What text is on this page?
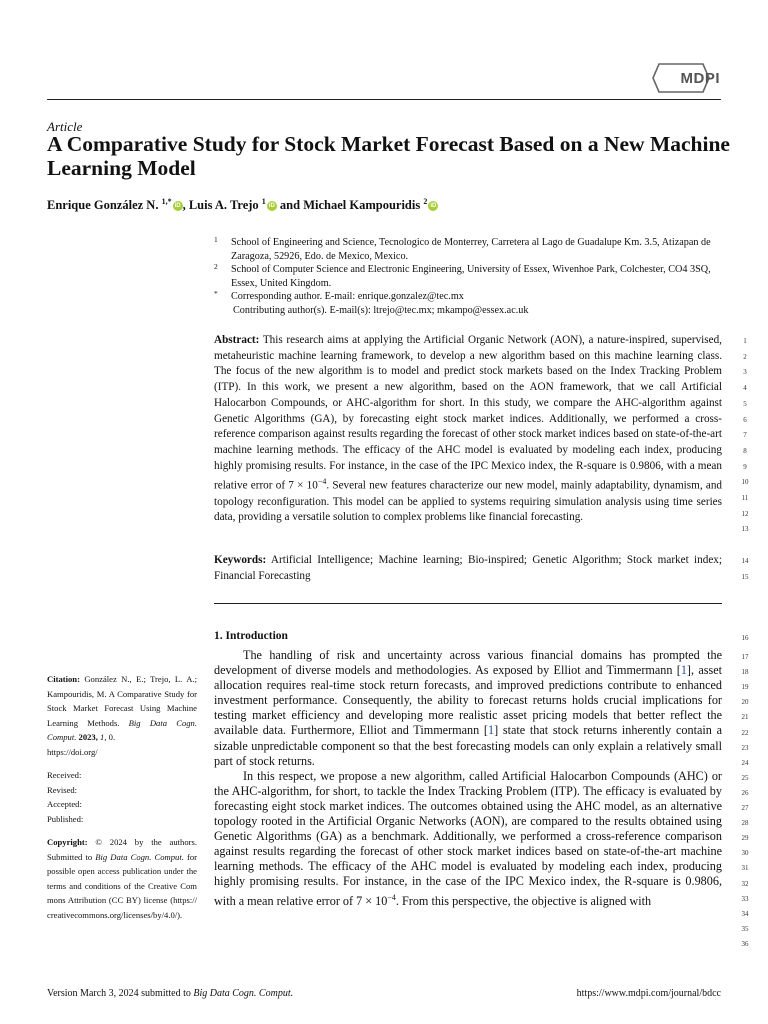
MDPI
Article
A Comparative Study for Stock Market Forecast Based on a New Machine Learning Model
Enrique González N. $^{1,*}$iD , Luis A. Trejo $^1$iD and Michael Kampouridis $^2$iD
1 School of Engineering and Science, Tecnologico de Monterrey, Carretera al Lago de Guadalupe Km. 3.5, Atizapan de Zaragoza, 52926, Edo. de Mexico, Mexico.
2 School of Computer Science and Electronic Engineering, University of Essex, Wivenhoe Park, Colchester, CO4 3SQ, Essex, United Kingdom.
* Corresponding author. E-mail: enrique.gonzalez@tec.mx
Contributing author(s). E-mail(s): ltrejo@tec.mx; mkampo@essex.ac.uk
Abstract: This research aims at applying the Artificial Organic Network (AON), a nature-inspired, supervised, metaheuristic machine learning framework, to develop a new algorithm based on this machine learning class. The focus of the new algorithm is to model and predict stock markets based on the Index Tracking Problem (ITP). In this work, we present a new algorithm, based on the AON framework, that we call Artificial Halocarbon Compounds, or AHC-algorithm for short. In this study, we compare the AHC-algorithm against Genetic Algorithms (GA), by forecasting eight stock market indices. Additionally, we performed a cross-reference comparison against results regarding the forecast of other stock market indices based on state-of-the-art machine learning methods. The efficacy of the AHC model is evaluated by modeling each index, producing highly promising results. For instance, in the case of the IPC Mexico index, the R-square is 0.9806, with a mean relative error of $7 \times 10^{-4}$. Several new features characterize our new model, mainly adaptability, dynamism, and topology reconfiguration. This model can be applied to systems requiring simulation analysis using time series data, providing a versatile solution to complex problems like financial forecasting.
Keywords: Artificial Intelligence; Machine learning; Bio-inspired; Genetic Algorithm; Stock market index; Financial Forecasting
1. Introduction

The handling of risk and uncertainty across various financial domains has prompted the development of diverse models and methodologies. As exposed by Elliot and Timmermann [1], asset allocation requires real-time stock return forecasts, and improved predictions contribute to enhanced investment performance. Consequently, the ability to forecast returns holds crucial implications for testing market efficiency and developing more realistic asset pricing models that better reflect the available data. Furthermore, Elliot and Timmermann [1] state that stock returns inherently contain a sizable unpredictable component so that the best forecasting models can only explain a relatively small part of stock returns.

In this respect, we propose a new algorithm, called Artificial Halocarbon Compounds (AHC) or the AHC-algorithm, for short, to tackle the Index Tracking Problem (ITP). The efficacy is evaluated by forecasting eight stock market indices. The outcomes obtained using the AHC model, as an alternative topology rooted in the Artificial Organic Networks (AON), are compared to the results obtained using Genetic Algorithms (GA) as a benchmark. Additionally, we performed a cross-reference comparison against results regarding the forecast of other stock market indices based on state-of-the-art machine learning methods. The efficacy of the AHC model is evaluated by modeling each index, producing highly promising results. For instance, in the case of the IPC Mexico index, the R-square is 0.9806, with a mean relative error of $7 \times 10^{-4}$. From this perspective, the objective is aligned with

1
2
3
4
5
6
7
8
9
10
11
12
13
14
15
16
17
18
19
20
21
22
23
24
25
26
27
28
29
30
31
32
33
34
35
36
Citation: González N., E.; Trejo, L. A.; Kampouridis, M. A Comparative Study for Stock Market Forecast Using Machine Learning Methods. Big Data Cogn. Comput. 2023, 1, 0.
https://doi.org/
Received:
Revised:
Accepted:
Published:
Copyright: © 2024 by the authors. Submitted to Big Data Cogn. Comput. for possible open access publication under the terms and conditions of the Creative Commons Attribution (CC BY) license (https://creativecommons.org/licenses/by/4.0/).
Version March 3, 2024 submitted to Big Data Cogn. Comput.	https://www.mdpi.com/journal/bdcc
